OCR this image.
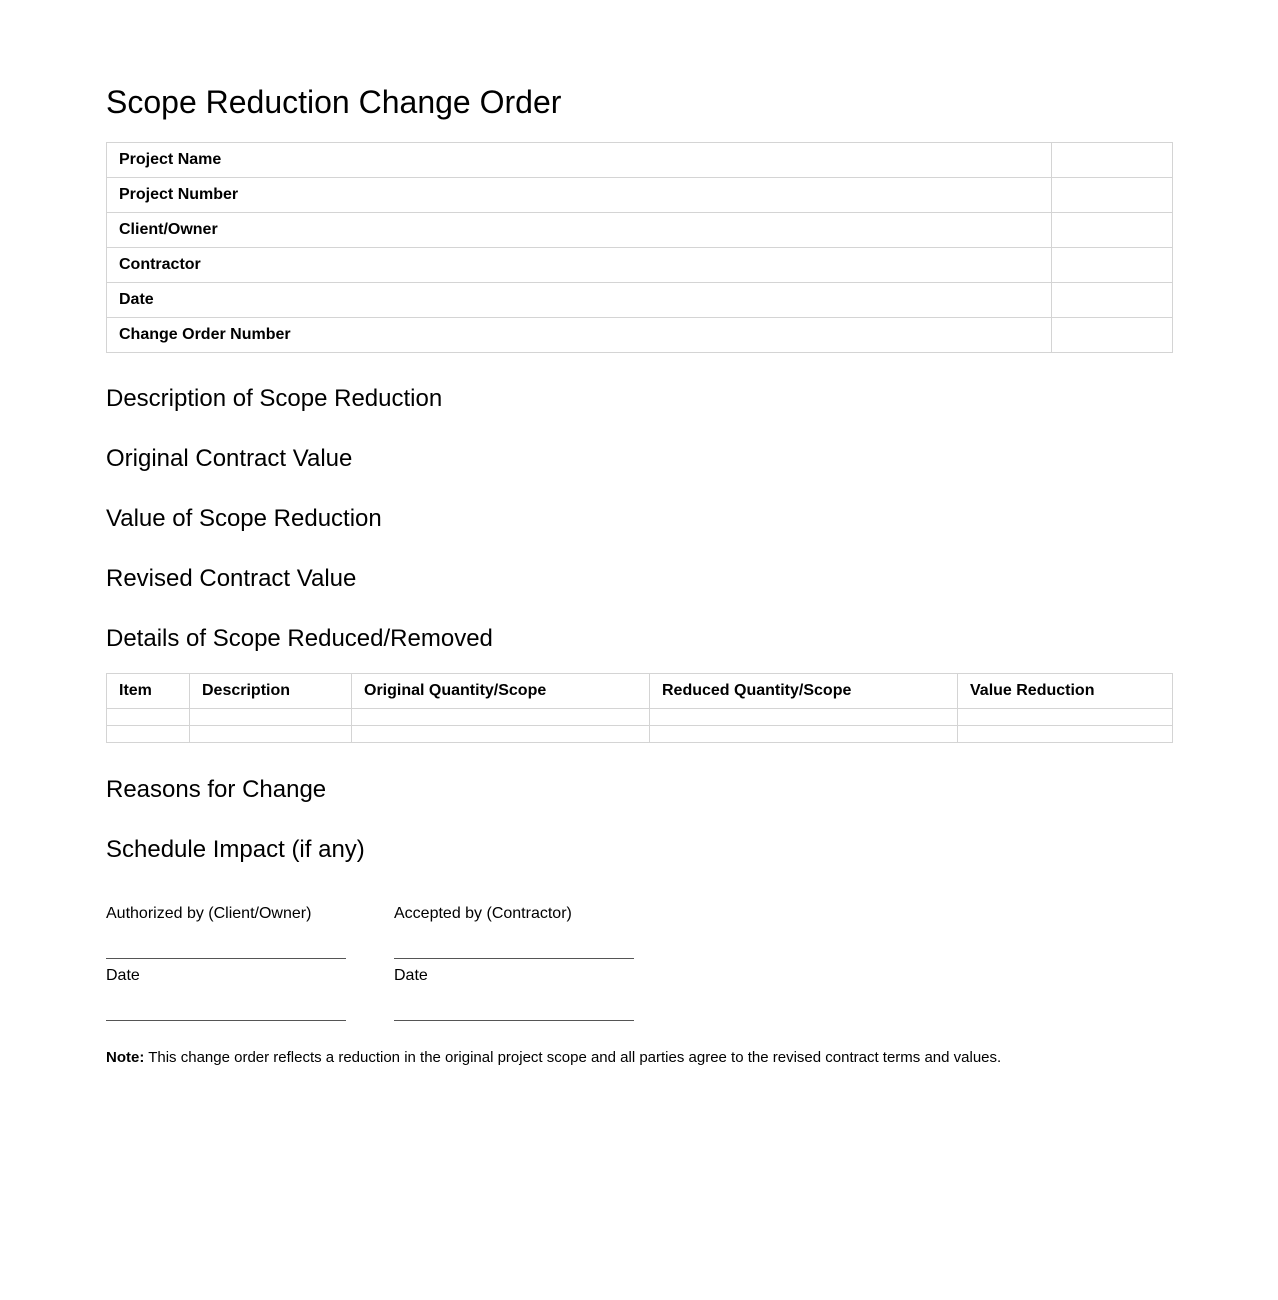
Scope Reduction Change Order
Project Name	
Project Number	
Client/Owner	
Contractor	
Date	
Change Order Number	
Description of Scope Reduction
Original Contract Value
Value of Scope Reduction
Revised Contract Value
Details of Scope Reduced/Removed
Item	Description	Original Quantity/Scope	Reduced Quantity/Scope	Value Reduction

Reasons for Change
Schedule Impact (if any)
Authorized by (Client/Owner)
Date
Accepted by (Contractor)
Date

Note: This change order reflects a reduction in the original project scope and all parties agree to the revised contract terms and values.
